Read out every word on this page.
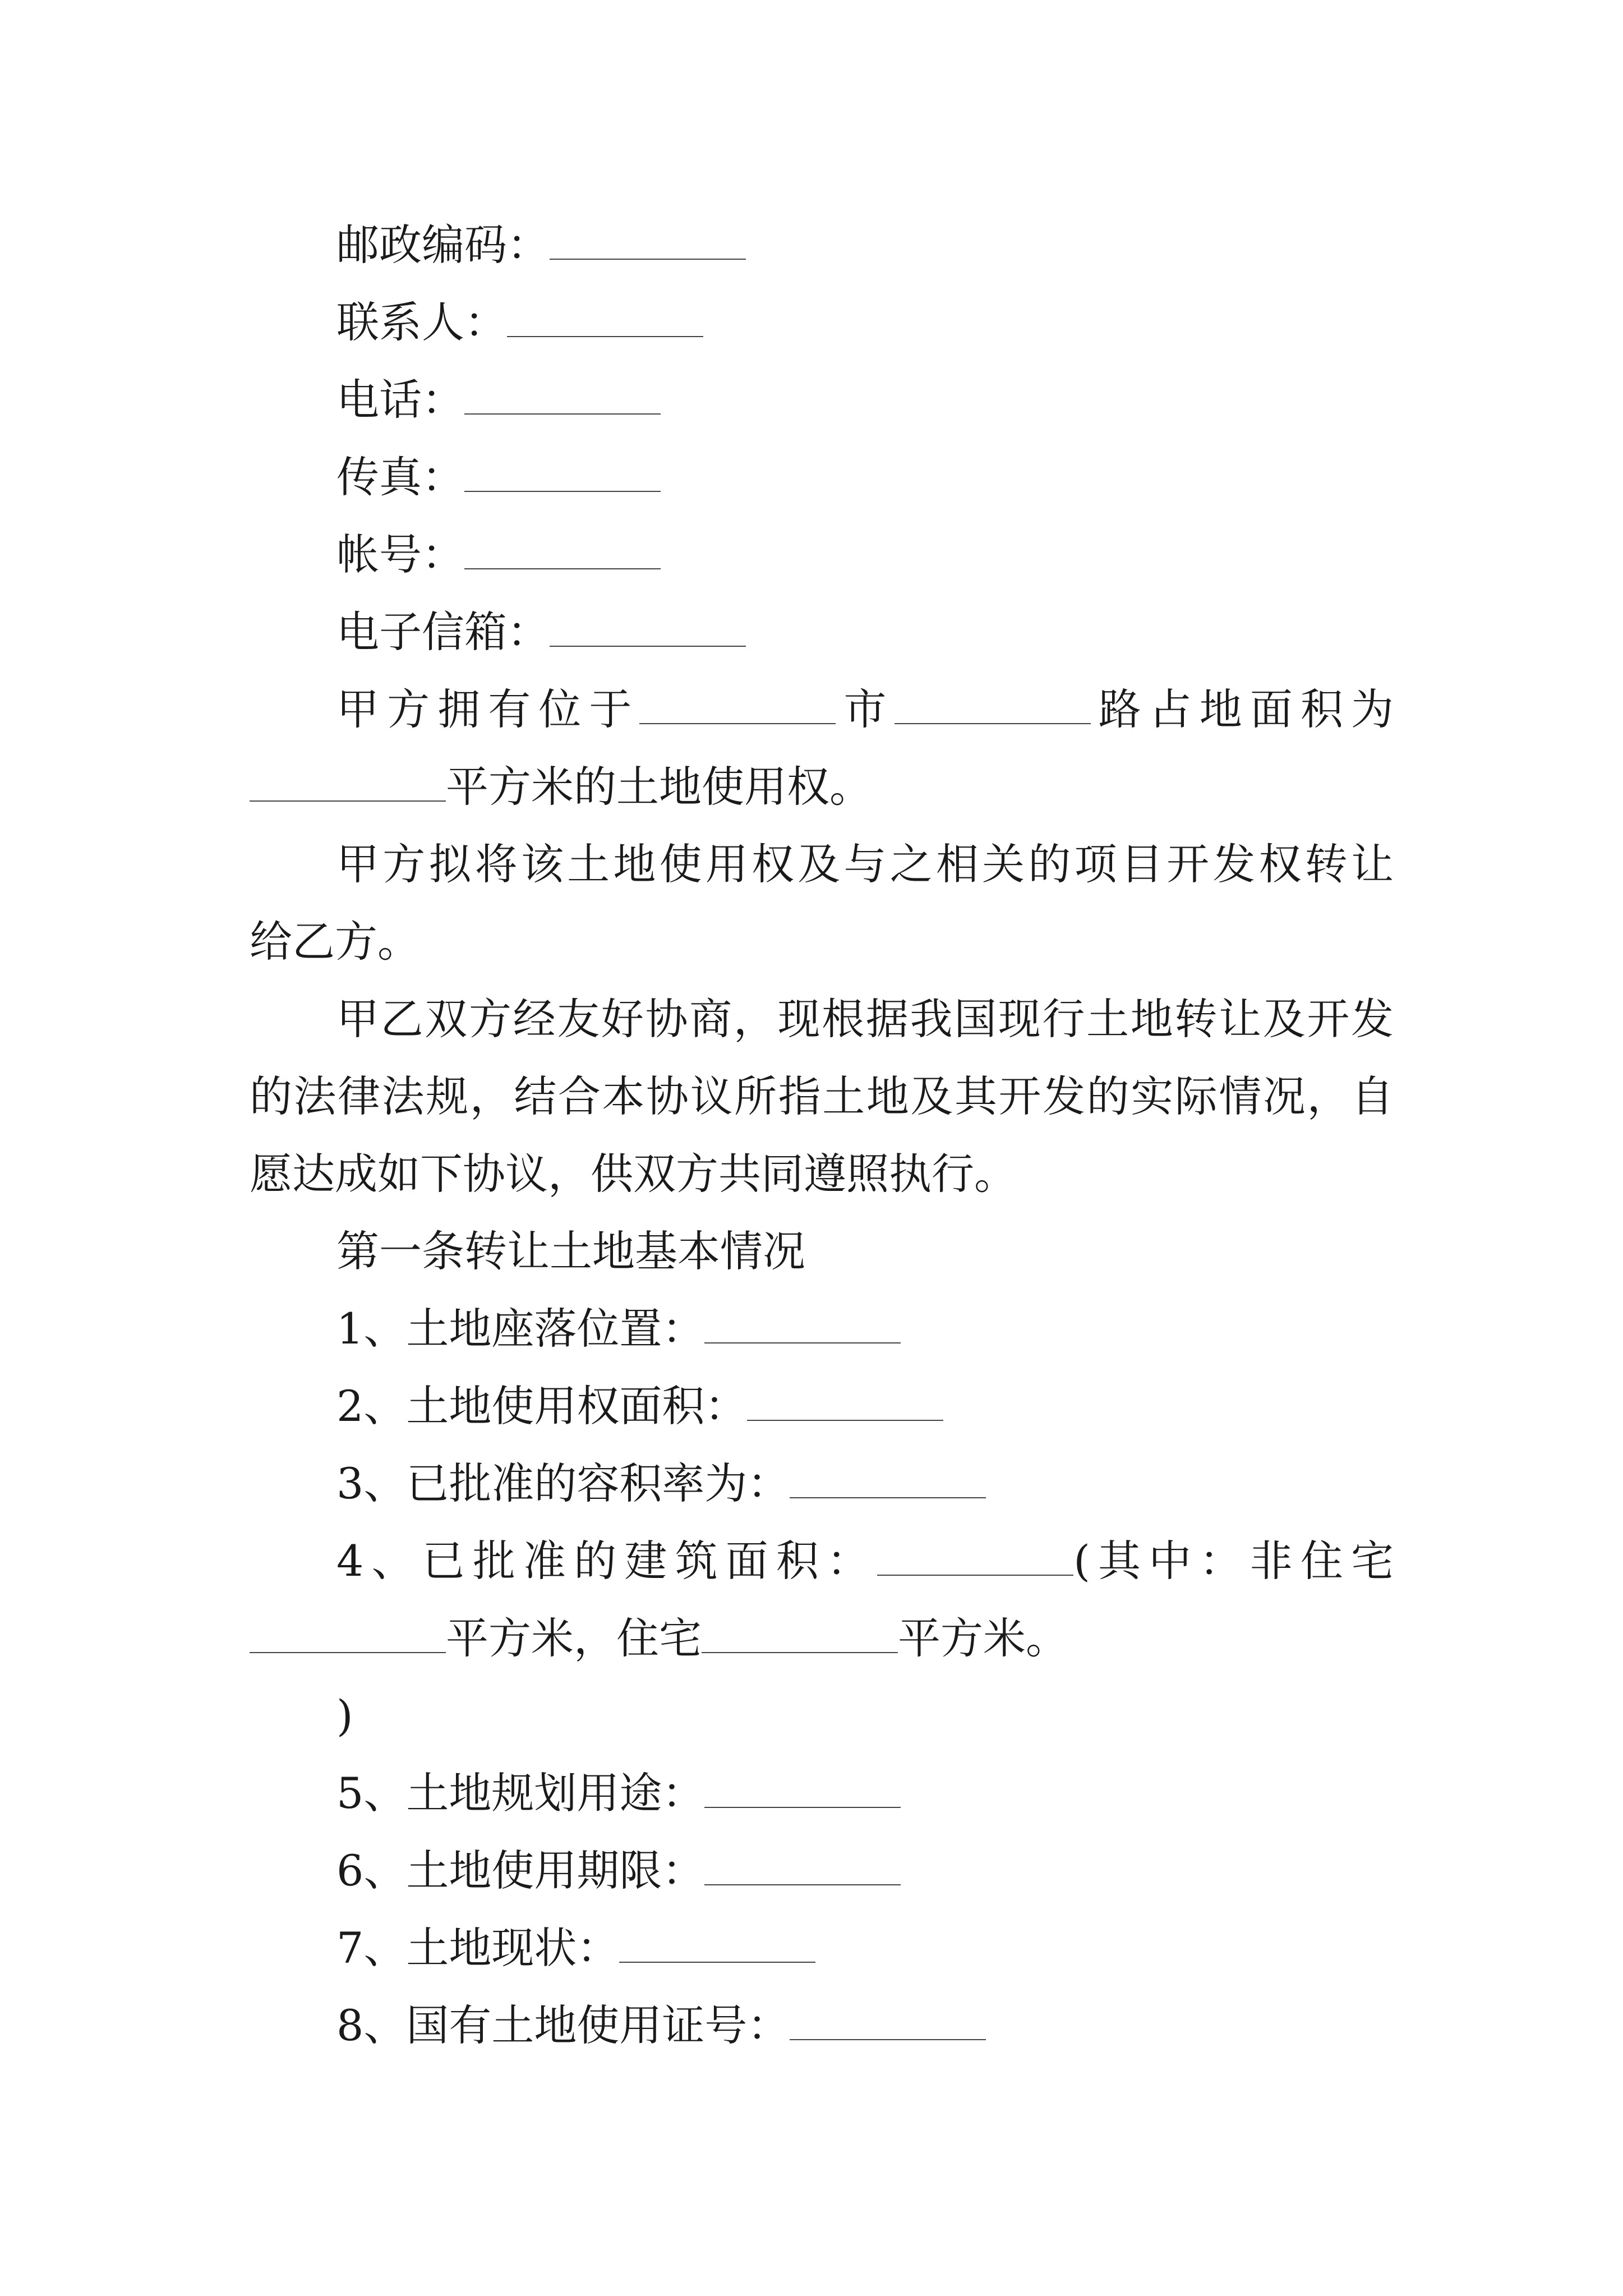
邮政编码：
联系人：
电话：
传真：
帐号：
电子信箱：
甲方拥有位于	市	路占地面积为
平方米的土地使用权。
甲方拟将该土地使用权及与之相关的项目开发权转让
给乙方。
甲乙双方经友好协商，现根据我国现行土地转让及开发
的法律法规，结合本协议所指土地及其开发的实际情况，自
愿达成如下协议，供双方共同遵照执行。
第一条转让土地基本情况
1、土地座落位置：
2、土地使用权面积：
3、已批准的容积率为：
4、已批准的建筑面积：	(其中：非住宅
平方米，住宅	平方米。
)
5、土地规划用途：
6、土地使用期限：
7、土地现状：
8、国有土地使用证号：
